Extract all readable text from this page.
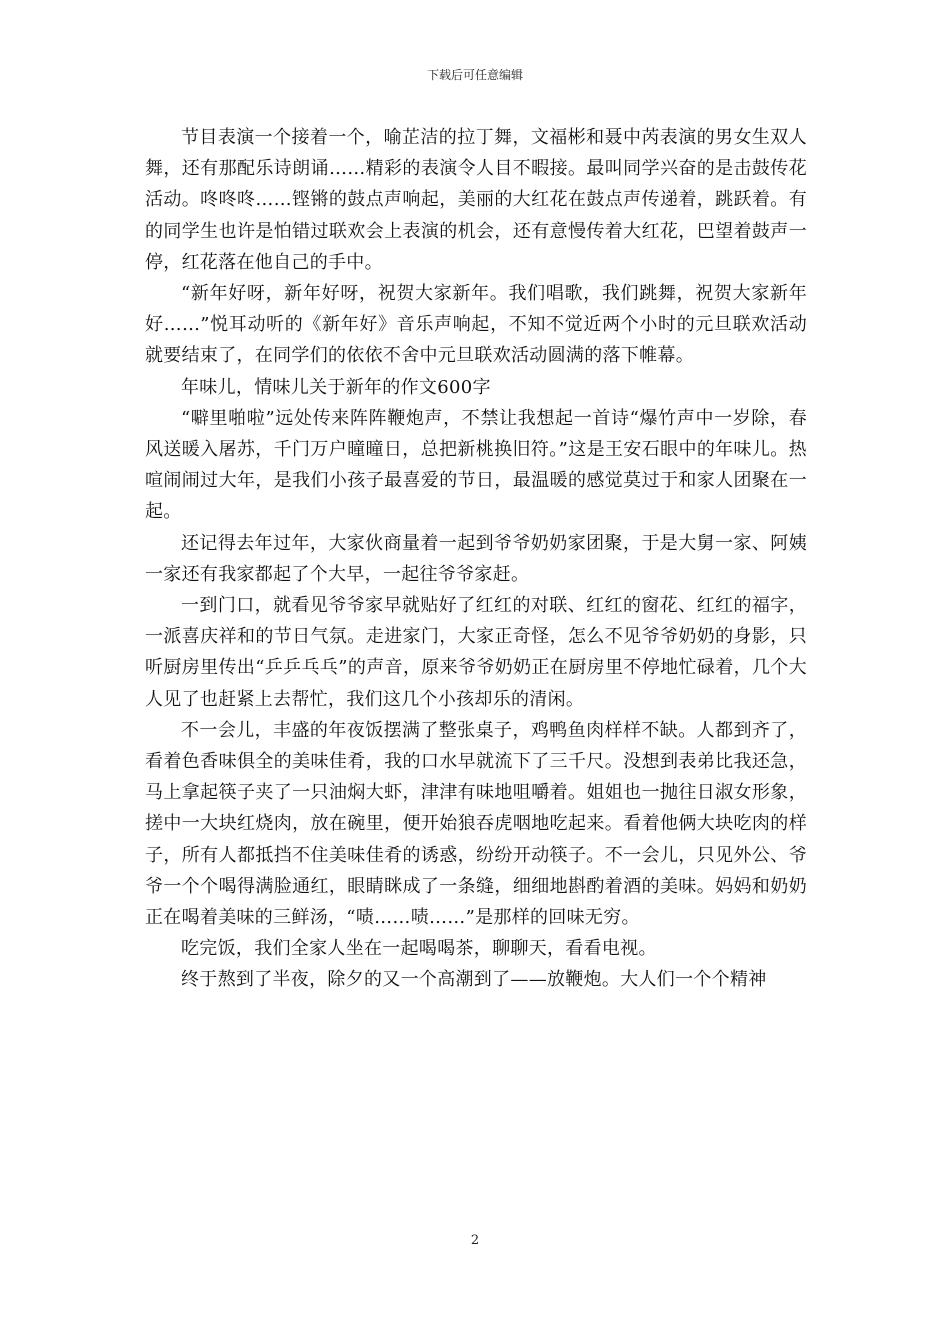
下载后可任意编辑

节目表演一个接着一个，喻芷洁的拉丁舞，文福彬和聂中芮表演的男女生双人舞，还有那配乐诗朗诵……精彩的表演令人目不暇接。最叫同学兴奋的是击鼓传花活动。咚咚咚……铿锵的鼓点声响起，美丽的大红花在鼓点声传递着，跳跃着。有的同学生也许是怕错过联欢会上表演的机会，还有意慢传着大红花，巴望着鼓声一停，红花落在他自己的手中。

“新年好呀，新年好呀，祝贺大家新年。我们唱歌，我们跳舞，祝贺大家新年好……”悦耳动听的《新年好》音乐声响起，不知不觉近两个小时的元旦联欢活动就要结束了，在同学们的依依不舍中元旦联欢活动圆满的落下帷幕。

年味儿，情味儿关于新年的作文600字

“噼里啪啦”远处传来阵阵鞭炮声，不禁让我想起一首诗“爆竹声中一岁除，春风送暖入屠苏，千门万户曈曈日，总把新桃换旧符。”这是王安石眼中的年味儿。热喧闹闹过大年，是我们小孩子最喜爱的节日，最温暖的感觉莫过于和家人团聚在一起。

还记得去年过年，大家伙商量着一起到爷爷奶奶家团聚，于是大舅一家、阿姨一家还有我家都起了个大早，一起往爷爷家赶。

一到门口，就看见爷爷家早就贴好了红红的对联、红红的窗花、红红的福字，一派喜庆祥和的节日气氛。走进家门，大家正奇怪，怎么不见爷爷奶奶的身影，只听厨房里传出“乒乒乓乓”的声音，原来爷爷奶奶正在厨房里不停地忙碌着，几个大人见了也赶紧上去帮忙，我们这几个小孩却乐的清闲。

不一会儿，丰盛的年夜饭摆满了整张桌子，鸡鸭鱼肉样样不缺。人都到齐了，看着色香味俱全的美味佳肴，我的口水早就流下了三千尺。没想到表弟比我还急，马上拿起筷子夹了一只油焖大虾，津津有味地咀嚼着。姐姐也一抛往日淑女形象，搓中一大块红烧肉，放在碗里，便开始狼吞虎咽地吃起来。看着他俩大块吃肉的样子，所有人都抵挡不住美味佳肴的诱惑，纷纷开动筷子。不一会儿，只见外公、爷爷一个个喝得满脸通红，眼睛眯成了一条缝，细细地斟酌着酒的美味。妈妈和奶奶正在喝着美味的三鲜汤，“啧……啧……”是那样的回味无穷。

吃完饭，我们全家人坐在一起喝喝茶，聊聊天，看看电视。

终于熬到了半夜，除夕的又一个高潮到了——放鞭炮。大人们一个个精神

2
